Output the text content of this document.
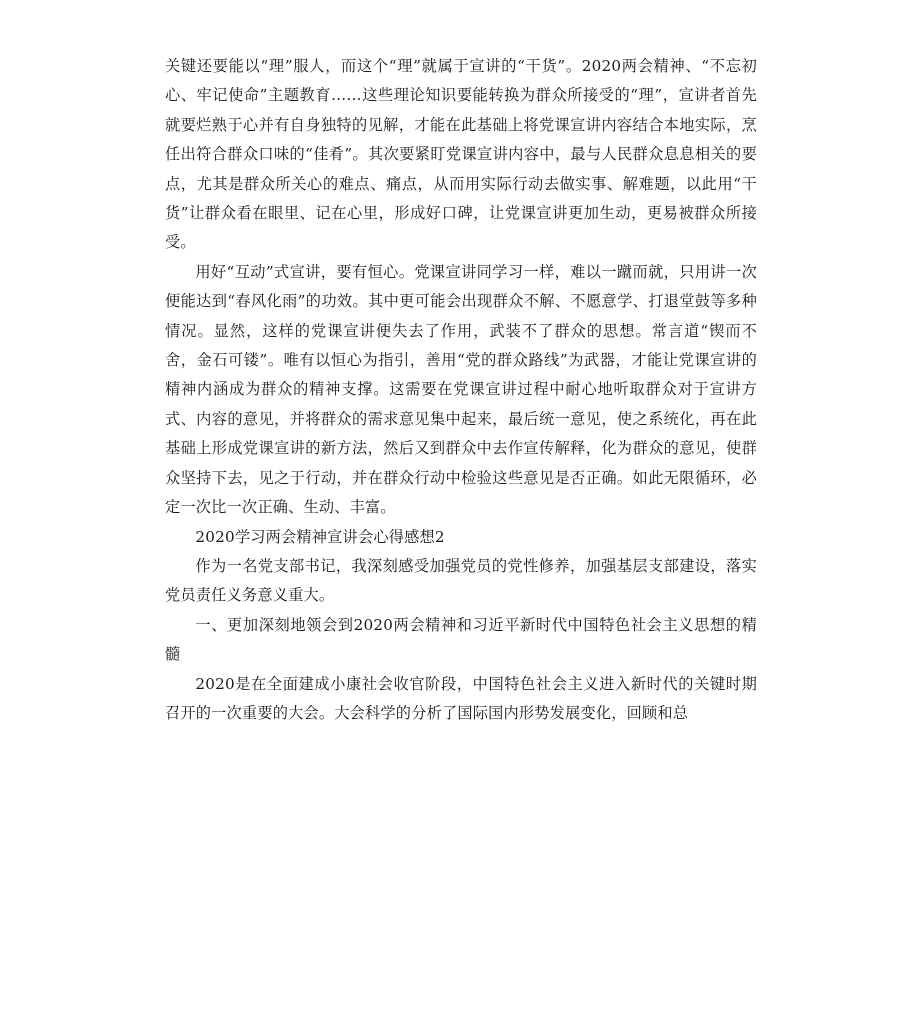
关键还要能以“理”服人，而这个“理”就属于宣讲的“干货”。2020两会精神、“不忘初心、牢记使命”主题教育……这些理论知识要能转换为群众所接受的“理”，宣讲者首先就要烂熟于心并有自身独特的见解，才能在此基础上将党课宣讲内容结合本地实际，烹任出符合群众口味的“佳肴”。其次要紧盯党课宣讲内容中，最与人民群众息息相关的要点，尤其是群众所关心的难点、痛点，从而用实际行动去做实事、解难题，以此用“干货”让群众看在眼里、记在心里，形成好口碑，让党课宣讲更加生动，更易被群众所接受。

用好“互动”式宣讲，要有恒心。党课宣讲同学习一样，难以一蹴而就，只用讲一次便能达到“春风化雨”的功效。其中更可能会出现群众不解、不愿意学、打退堂鼓等多种情况。显然，这样的党课宣讲便失去了作用，武装不了群众的思想。常言道“锲而不舍，金石可镂”。唯有以恒心为指引，善用“党的群众路线”为武器，才能让党课宣讲的精神内涵成为群众的精神支撑。这需要在党课宣讲过程中耐心地听取群众对于宣讲方式、内容的意见，并将群众的需求意见集中起来，最后统一意见，使之系统化，再在此基础上形成党课宣讲的新方法，然后又到群众中去作宣传解释，化为群众的意见，使群众坚持下去，见之于行动，并在群众行动中检验这些意见是否正确。如此无限循环，必定一次比一次正确、生动、丰富。

2020学习两会精神宣讲会心得感想2

作为一名党支部书记，我深刻感受加强党员的党性修养，加强基层支部建设，落实党员责任义务意义重大。

一、更加深刻地领会到2020两会精神和习近平新时代中国特色社会主义思想的精髓

2020是在全面建成小康社会收官阶段，中国特色社会主义进入新时代的关键时期召开的一次重要的大会。大会科学的分析了国际国内形势发展变化，回顾和总
